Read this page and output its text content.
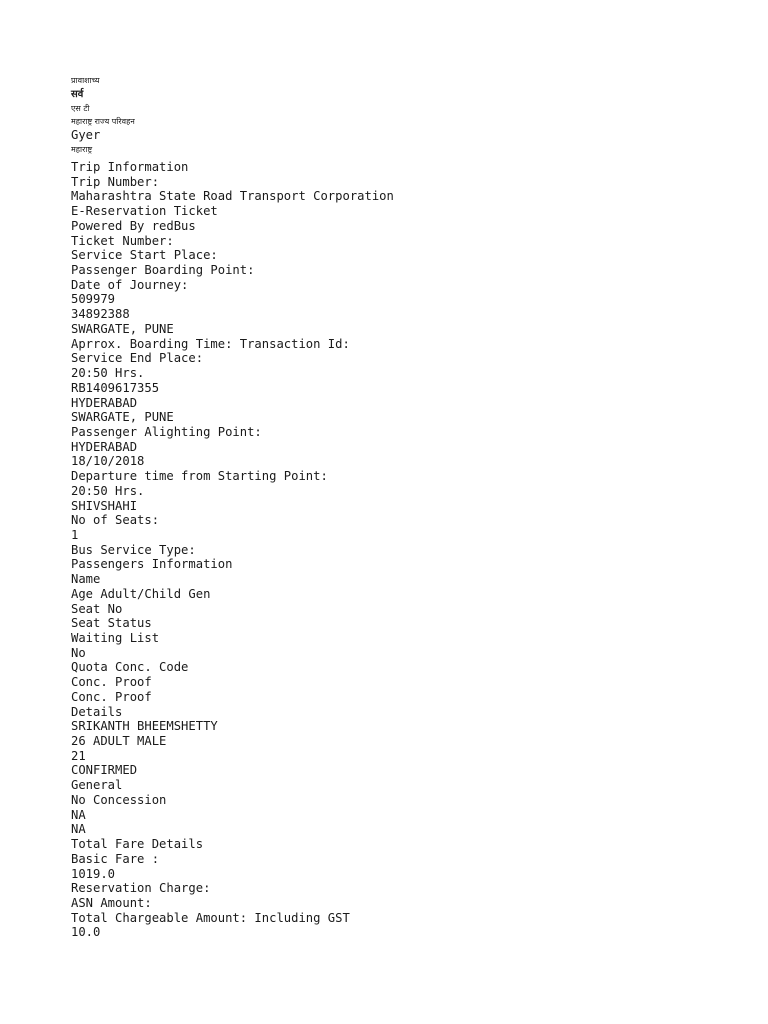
प्रावाशाच्य
सर्व
एस टी
महाराष्ट्र राज्य परिवहन
Gyer
महाराष्ट्र
Trip Information
Trip Number:
Maharashtra State Road Transport Corporation
E-Reservation Ticket
Powered By redBus
Ticket Number:
Service Start Place:
Passenger Boarding Point:
Date of Journey:
509979
34892388
SWARGATE, PUNE
Aprrox. Boarding Time: Transaction Id:
Service End Place:
20:50 Hrs.
RB1409617355
HYDERABAD
SWARGATE, PUNE
Passenger Alighting Point:
HYDERABAD
18/10/2018
Departure time from Starting Point:
20:50 Hrs.
SHIVSHAHI
No of Seats:
1
Bus Service Type:
Passengers Information
Name
Age Adult/Child Gen
Seat No
Seat Status
Waiting List
No
Quota Conc. Code
Conc. Proof
Conc. Proof
Details
SRIKANTH BHEEMSHETTY
26 ADULT MALE
21
CONFIRMED
General
No Concession
NA
NA
Total Fare Details
Basic Fare :
1019.0
Reservation Charge:
ASN Amount:
Total Chargeable Amount: Including GST
10.0
